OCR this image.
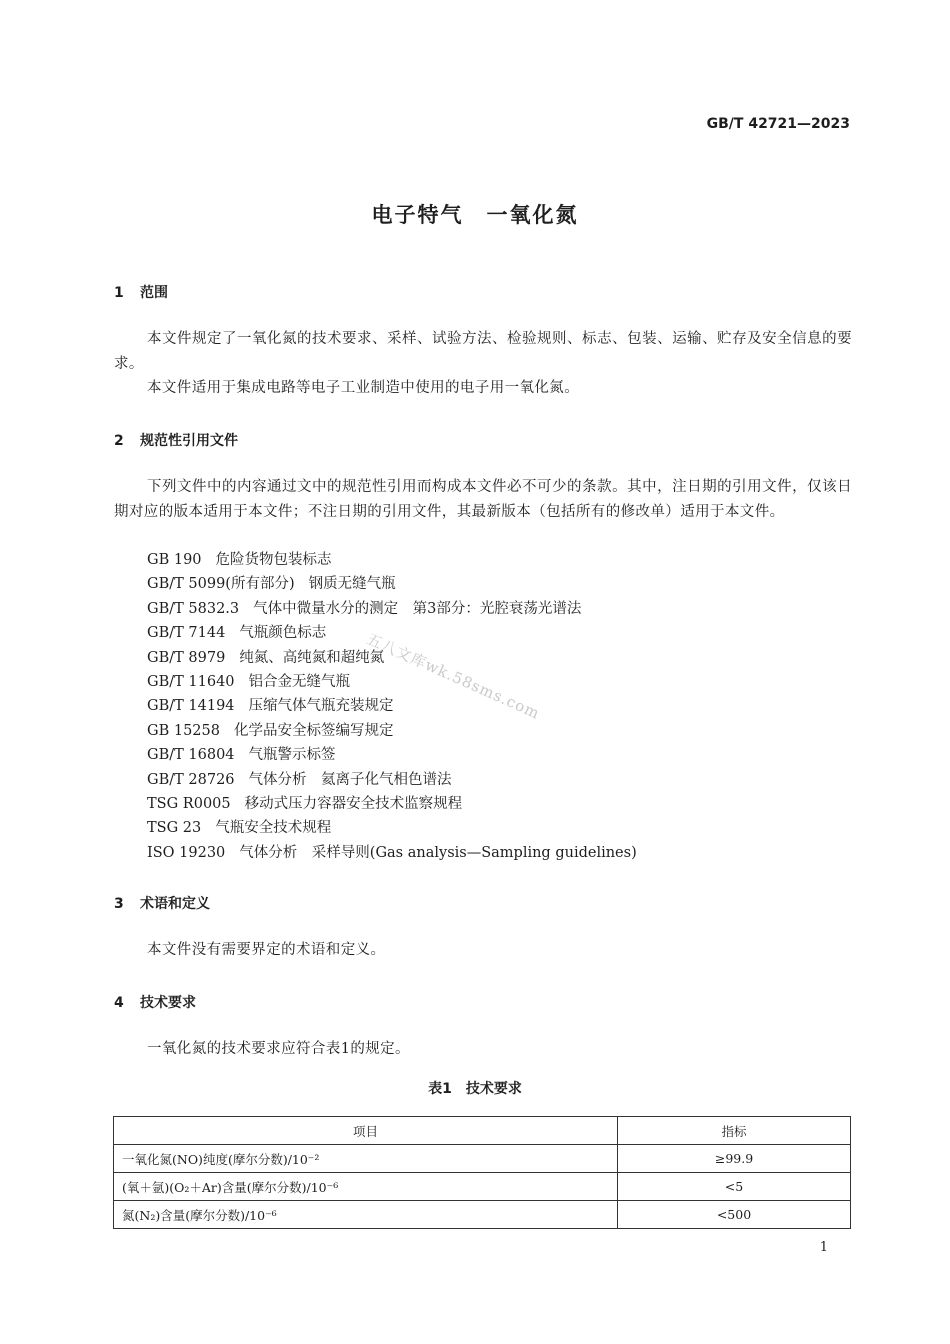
GB/T 42721—2023
电子特气　一氧化氮
1 范围
本文件规定了一氧化氮的技术要求、采样、试验方法、检验规则、标志、包装、运输、贮存及安全信息的要求。
本文件适用于集成电路等电子工业制造中使用的电子用一氧化氮。
2 规范性引用文件
下列文件中的内容通过文中的规范性引用而构成本文件必不可少的条款。其中，注日期的引用文件，仅该日期对应的版本适用于本文件；不注日期的引用文件，其最新版本（包括所有的修改单）适用于本文件。
GB 190 危险货物包装标志
GB/T 5099(所有部分) 钢质无缝气瓶
GB/T 5832.3 气体中微量水分的测定　第3部分：光腔衰荡光谱法
GB/T 7144 气瓶颜色标志
GB/T 8979 纯氮、高纯氮和超纯氮
GB/T 11640 铝合金无缝气瓶
GB/T 14194 压缩气体气瓶充装规定
GB 15258 化学品安全标签编写规定
GB/T 16804 气瓶警示标签
GB/T 28726 气体分析　氦离子化气相色谱法
TSG R0005 移动式压力容器安全技术监察规程
TSG 23 气瓶安全技术规程
ISO 19230 气体分析　采样导则(Gas analysis—Sampling guidelines)
五八文库wk.58sms.com
3 术语和定义
本文件没有需要界定的术语和定义。
4 技术要求
一氧化氮的技术要求应符合表1的规定。
表1　技术要求
项目	指标
一氧化氮(NO)纯度(摩尔分数)/10⁻²	≥99.9
(氧＋氩)(O₂＋Ar)含量(摩尔分数)/10⁻⁶	<5
氮(N₂)含量(摩尔分数)/10⁻⁶	<500
1
